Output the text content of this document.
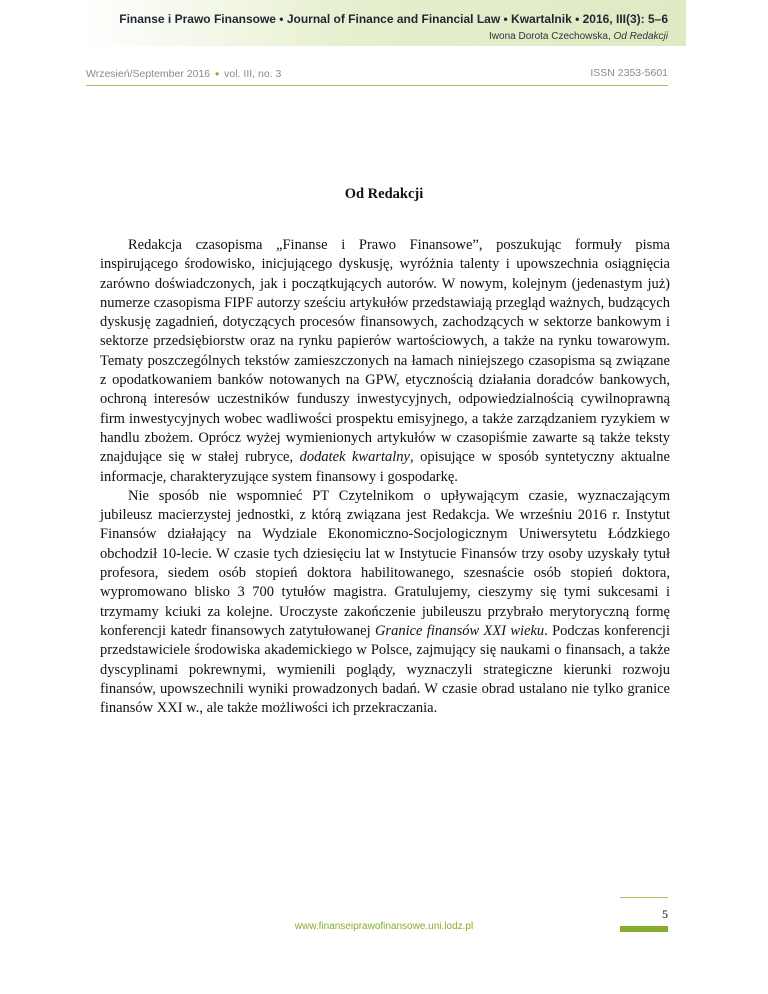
Finanse i Prawo Finansowe • Journal of Finance and Financial Law • Kwartalnik • 2016, III(3): 5–6
Iwona Dorota Czechowska, Od Redakcji
Wrzesień/September 2016 • vol. III, no. 3	ISSN 2353-5601
Od Redakcji

Redakcja czasopisma „Finanse i Prawo Finansowe”, poszukując formuły pisma inspirującego środowisko, inicjującego dyskusję, wyróżnia talenty i upowszechnia osiągnięcia zarówno doświadczonych, jak i początkujących autorów. W nowym, kolejnym (jedenastym już) numerze czasopisma FIPF autorzy sześciu artykułów przedstawiają przegląd ważnych, budzących dyskusję zagadnień, dotyczących procesów finansowych, zachodzących w sektorze bankowym i sektorze przedsiębiorstw oraz na rynku papierów wartościowych, a także na rynku towarowym. Tematy poszczególnych tekstów zamieszczonych na łamach niniejszego czasopisma są związane z opodatkowaniem banków notowanych na GPW, etycznością działania doradców bankowych, ochroną interesów uczestników funduszy inwestycyjnych, odpowiedzialnością cywilnoprawną firm inwestycyjnych wobec wadliwości prospektu emisyjnego, a także zarządzaniem ryzykiem w handlu zbożem. Oprócz wyżej wymienionych artykułów w czasopiśmie zawarte są także teksty znajdujące się w stałej rubryce, dodatek kwartalny, opisujące w sposób syntetyczny aktualne informacje, charakteryzujące system finansowy i gospodarkę.

Nie sposób nie wspomnieć PT Czytelnikom o upływającym czasie, wyznaczającym jubileusz macierzystej jednostki, z którą związana jest Redakcja. We wrześniu 2016 r. Instytut Finansów działający na Wydziale Ekonomiczno-Socjologicznym Uniwersytetu Łódzkiego obchodził 10-lecie. W czasie tych dziesięciu lat w Instytucie Finansów trzy osoby uzyskały tytuł profesora, siedem osób stopień doktora habilitowanego, szesnaście osób stopień doktora, wypromowano blisko 3 700 tytułów magistra. Gratulujemy, cieszymy się tymi sukcesami i trzymamy kciuki za kolejne. Uroczyste zakończenie jubileuszu przybrało merytoryczną formę konferencji katedr finansowych zatytułowanej Granice finansów XXI wieku. Podczas konferencji przedstawiciele środowiska akademickiego w Polsce, zajmujący się naukami o finansach, a także dyscyplinami pokrewnymi, wymienili poglądy, wyznaczyli strategiczne kierunki rozwoju finansów, upowszechnili wyniki prowadzonych badań. W czasie obrad ustalano nie tylko granice finansów XXI w., ale także możliwości ich przekraczania.

5
www.finanseiprawofinansowe.uni.lodz.pl
